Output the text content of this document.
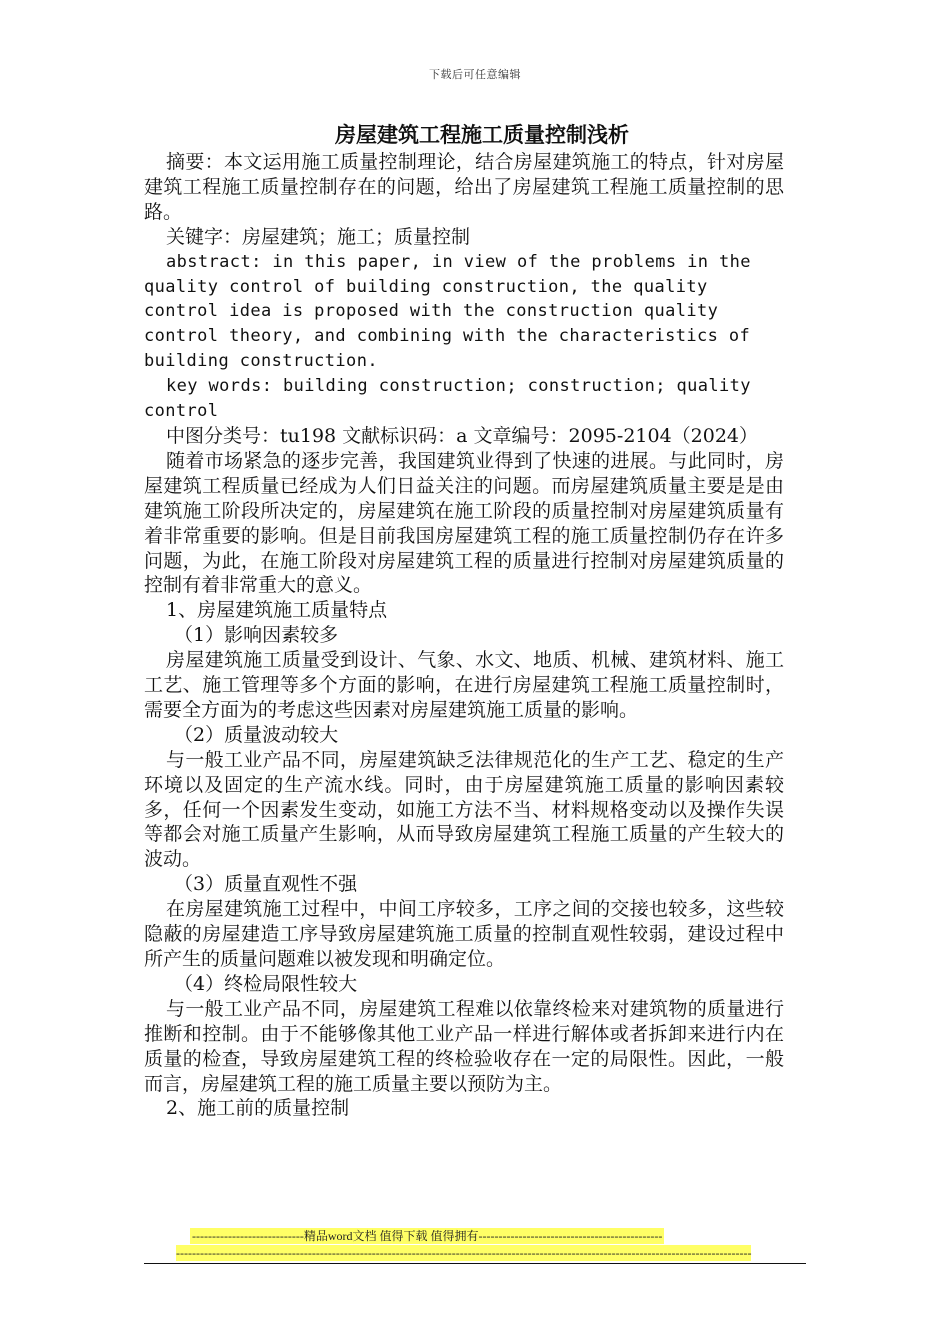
下载后可任意编辑
房屋建筑工程施工质量控制浅析

摘要：本文运用施工质量控制理论，结合房屋建筑施工的特点，针对房屋建筑工程施工质量控制存在的问题，给出了房屋建筑工程施工质量控制的思路。

关键字：房屋建筑；施工；质量控制

abstract: in this paper, in view of the problems in the quality control of building construction, the quality control idea is proposed with the construction quality control theory, and combining with the characteristics of building construction.

key words: building construction; construction; quality control

中图分类号：tu198 文献标识码：a 文章编号：2095-2104（2024）

随着市场紧急的逐步完善，我国建筑业得到了快速的进展。与此同时，房屋建筑工程质量已经成为人们日益关注的问题。而房屋建筑质量主要是是由建筑施工阶段所决定的，房屋建筑在施工阶段的质量控制对房屋建筑质量有着非常重要的影响。但是目前我国房屋建筑工程的施工质量控制仍存在许多问题，为此，在施工阶段对房屋建筑工程的质量进行控制对房屋建筑质量的控制有着非常重大的意义。

1、房屋建筑施工质量特点

（1）影响因素较多

房屋建筑施工质量受到设计、气象、水文、地质、机械、建筑材料、施工工艺、施工管理等多个方面的影响，在进行房屋建筑工程施工质量控制时，需要全方面为的考虑这些因素对房屋建筑施工质量的影响。

（2）质量波动较大

与一般工业产品不同，房屋建筑缺乏法律规范化的生产工艺、稳定的生产环境以及固定的生产流水线。同时，由于房屋建筑施工质量的影响因素较多，任何一个因素发生变动，如施工方法不当、材料规格变动以及操作失误等都会对施工质量产生影响，从而导致房屋建筑工程施工质量的产生较大的波动。

（3）质量直观性不强

在房屋建筑施工过程中，中间工序较多，工序之间的交接也较多，这些较隐蔽的房屋建造工序导致房屋建筑施工质量的控制直观性较弱，建设过程中所产生的质量问题难以被发现和明确定位。

（4）终检局限性较大

与一般工业产品不同，房屋建筑工程难以依靠终检来对建筑物的质量进行推断和控制。由于不能够像其他工业产品一样进行解体或者拆卸来进行内在质量的检查，导致房屋建筑工程的终检验收存在一定的局限性。因此，一般而言，房屋建筑工程的施工质量主要以预防为主。

2、施工前的质量控制

----------------------------精品word文档 值得下载 值得拥有----------------------------------------------
------------------------------------------------------------------------------------------------------------------------------------------------
